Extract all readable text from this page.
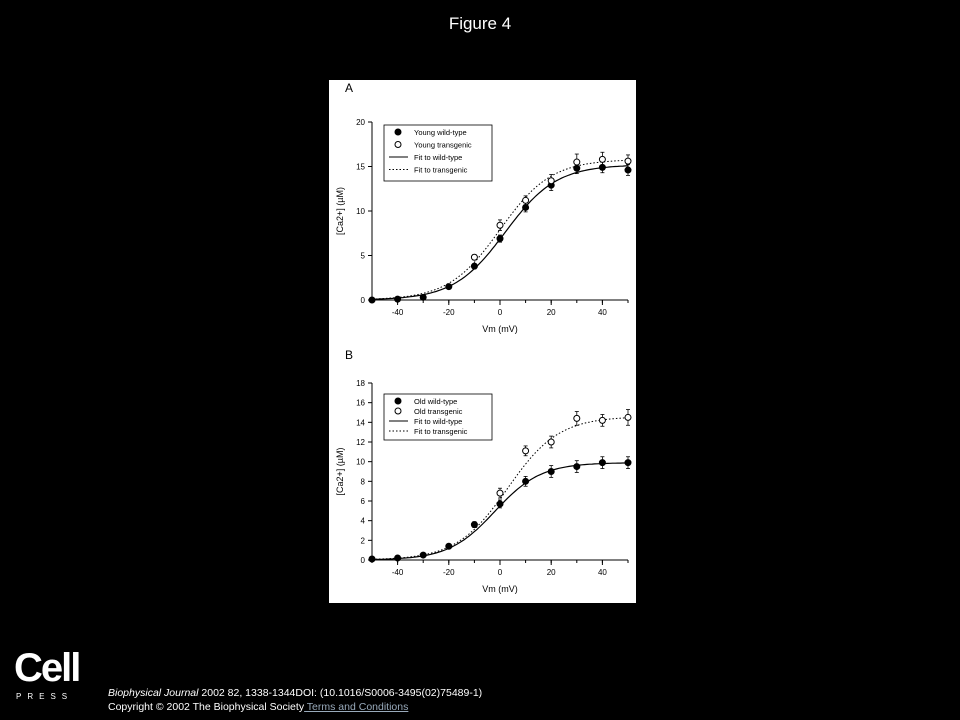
Figure 4
A
B
0
5
10
15
20
-40	-20	0	20	40
Vm (mV)
[Ca2+] (µM)
Young wild-type
Young transgenic
Fit to wild-type
Fit to transgenic
0
2
4
6
8
10
12
14
16
18
-40	-20	0	20	40
Vm (mV)
[Ca2+] (µM)
Old wild-type
Old transgenic
Fit to wild-type
Fit to transgenic
Cell
PRESS	Biophysical Journal 2002 82, 1338-1344DOI: (10.1016/S0006-3495(02)75489-1)
Copyright © 2002 The Biophysical Society Terms and Conditions
